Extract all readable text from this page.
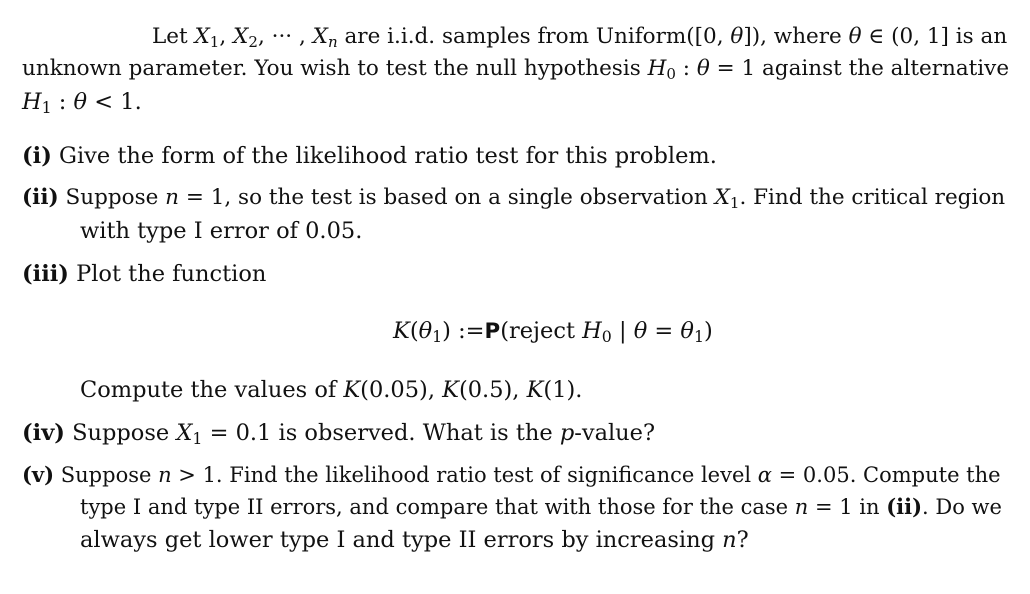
Let $X_1$, $X_2$, ··· , $X_n$ are i.i.d. samples from Uniform([0, θ]), where θ ∈ (0, 1] is an
unknown parameter. You wish to test the null hypothesis $H_0$ : θ = 1 against the alternative
$H_1$ : θ < 1.
(i) Give the form of the likelihood ratio test for this problem.
(ii) Suppose n = 1, so the test is based on a single observation $X_1$. Find the critical region
with type I error of 0.05.
(iii) Plot the function
$K(\theta_1)$ :=P(reject $H_0$ | $\theta = \theta_1$)
Compute the values of K(0.05), K(0.5), K(1).
(iv) Suppose $X_1 = 0.1$ is observed. What is the p-value?
(v) Suppose n > 1. Find the likelihood ratio test of significance level α = 0.05. Compute the
type I and type II errors, and compare that with those for the case n = 1 in (ii). Do we
always get lower type I and type II errors by increasing n?
